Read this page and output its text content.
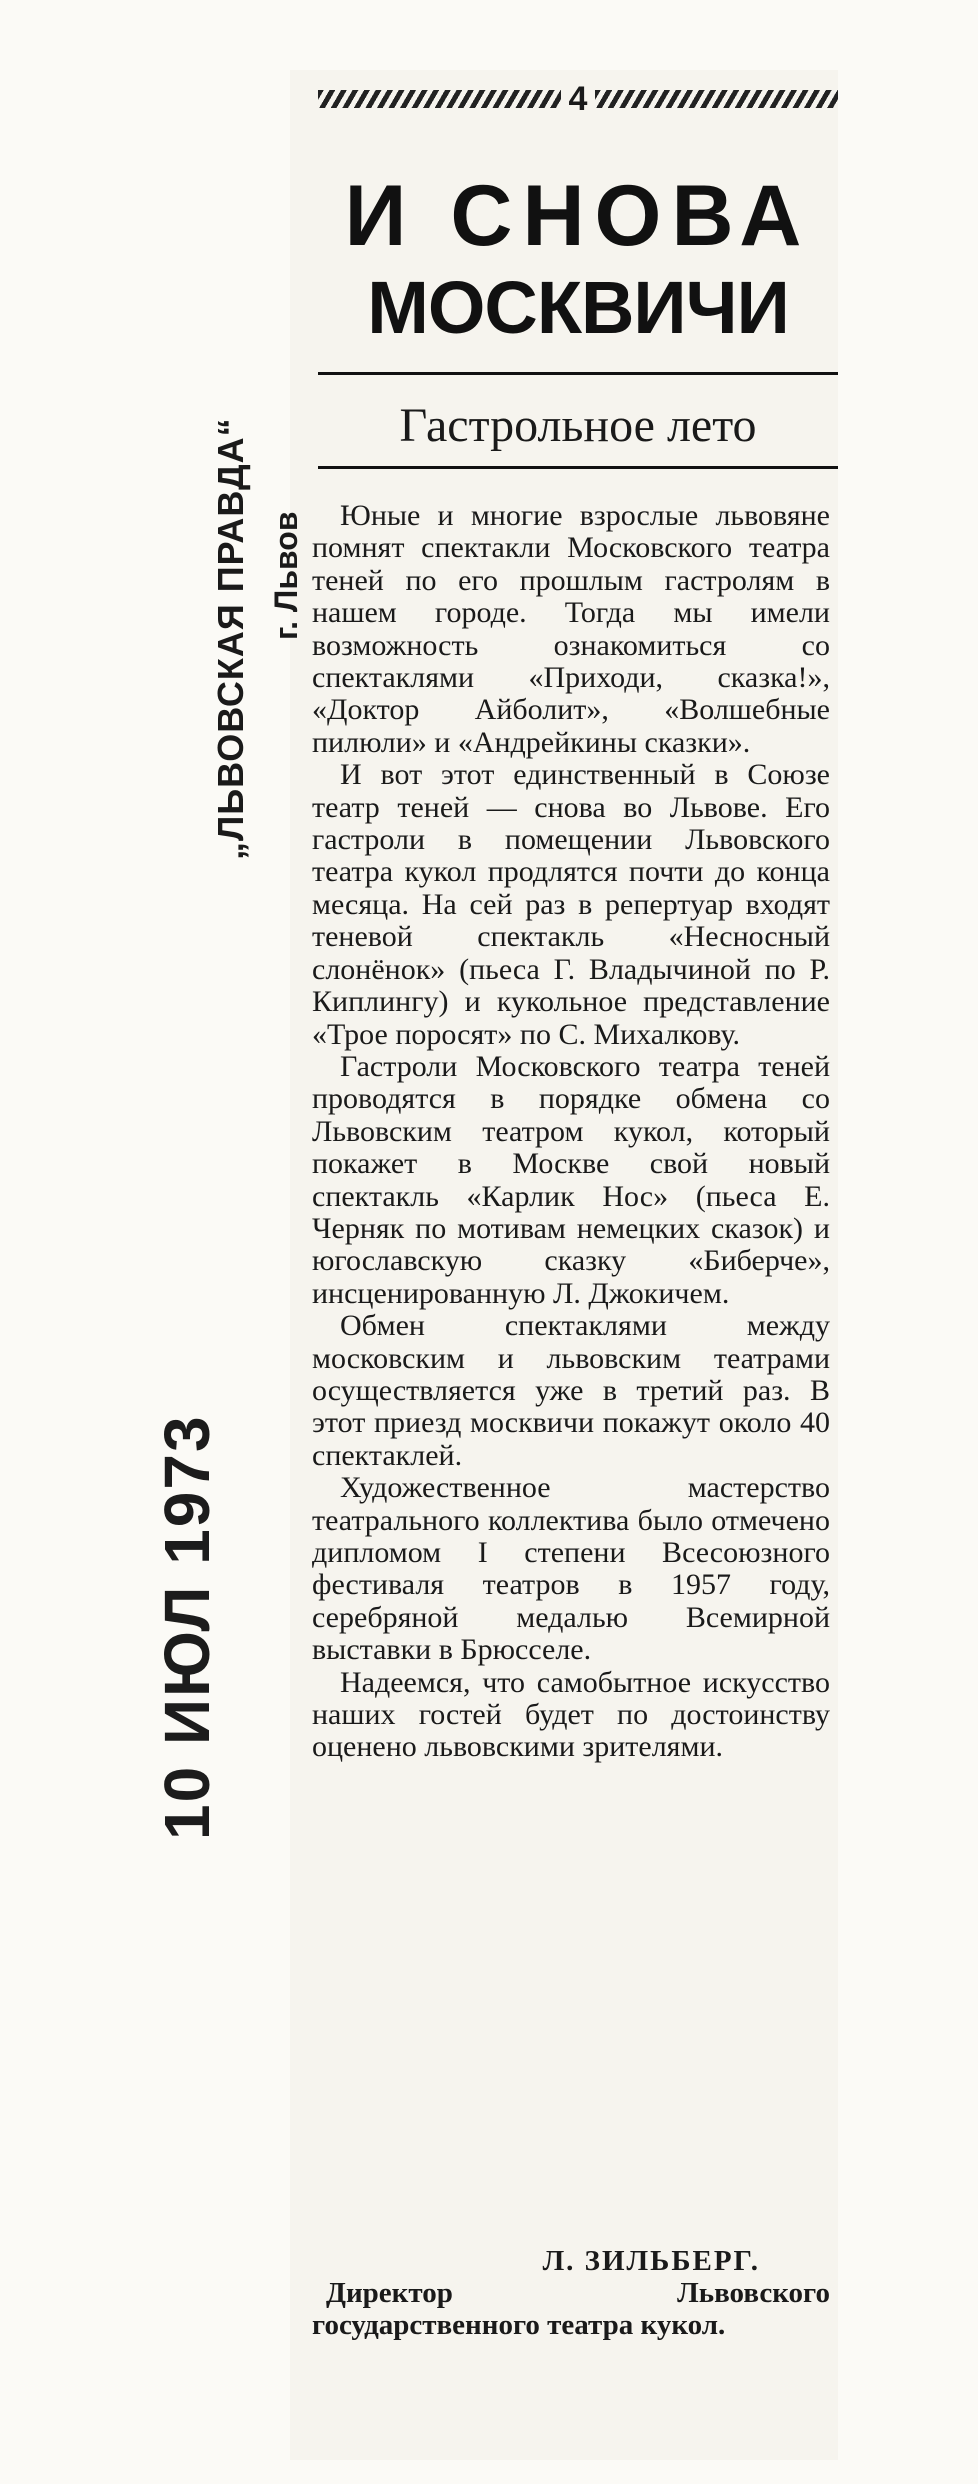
4
И СНОВА
МОСКВИЧИ
Гастрольное лето

Юные и многие взрослые львовяне помнят спектакли Московского театра теней по его прошлым гастролям в нашем городе. Тогда мы имели возможность ознакомиться со спектаклями «Приходи, сказка!», «Доктор Айболит», «Волшебные пилюли» и «Андрейкины сказки».

И вот этот единственный в Союзе театр теней — снова во Львове. Его гастроли в помещении Львовского театра кукол продлятся почти до конца месяца. На сей раз в репертуар входят теневой спектакль «Несносный слонёнок» (пьеса Г. Владычиной по Р. Киплингу) и кукольное представление «Трое поросят» по С. Михалкову.

Гастроли Московского театра теней проводятся в порядке обмена со Львовским театром кукол, который покажет в Москве свой новый спектакль «Карлик Нос» (пьеса Е. Черняк по мотивам немецких сказок) и югославскую сказку «Биберче», инсценированную Л. Джокичем.

Обмен спектаклями между московским и львовским театрами осуществляется уже в третий раз. В этот приезд москвичи покажут около 40 спектаклей.

Художественное мастерство театрального коллектива было отмечено дипломом I степени Всесоюзного фестиваля театров в 1957 году, серебряной медалью Всемирной выставки в Брюсселе.

Надеемся, что самобытное искусство наших гостей будет по достоинству оценено львовскими зрителями.

Л. ЗИЛЬБЕРГ.
Директор Львовского государственного театра кукол.
„ЛЬВОВСКАЯ ПРАВДА“ г. Львов
10 ИЮЛ 1973
